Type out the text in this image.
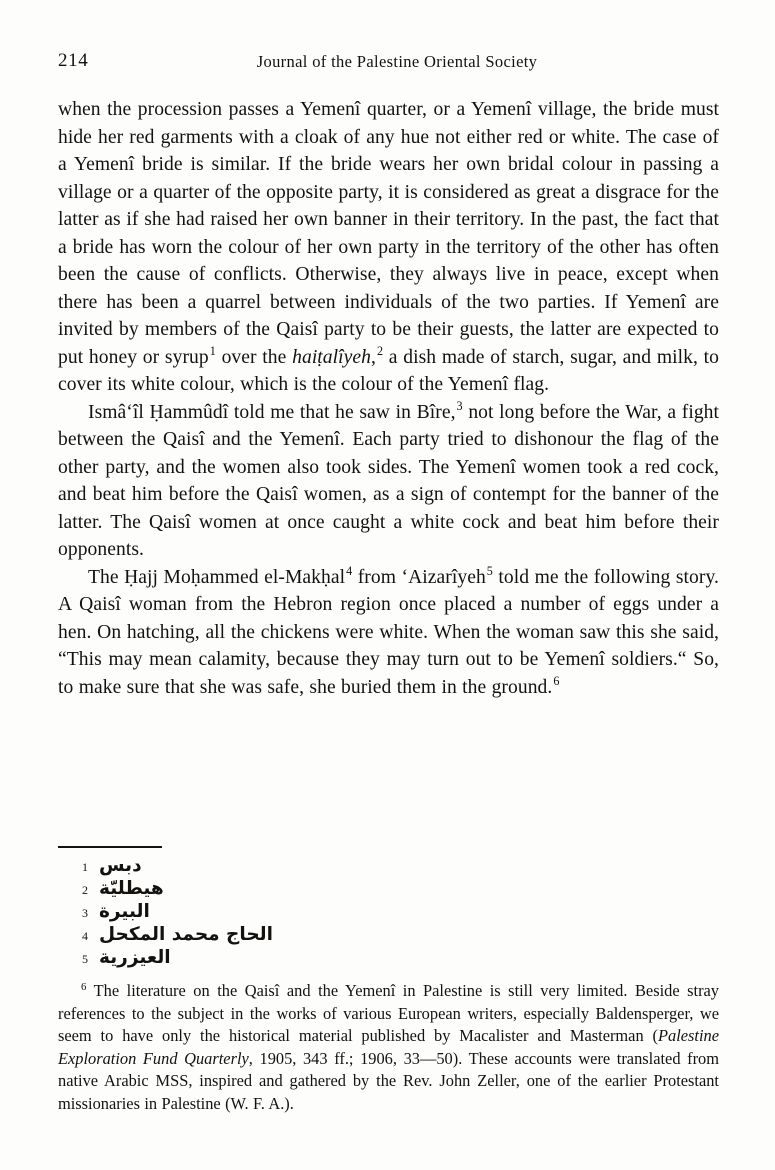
214	Journal of the Palestine Oriental Society

when the procession passes a Yemenî quarter, or a Yemenî village, the bride must hide her red garments with a cloak of any hue not either red or white. The case of a Yemenî bride is similar. If the bride wears her own bridal colour in passing a village or a quarter of the opposite party, it is considered as great a disgrace for the latter as if she had raised her own banner in their territory. In the past, the fact that a bride has worn the colour of her own party in the territory of the other has often been the cause of conflicts. Otherwise, they always live in peace, except when there has been a quarrel between individuals of the two parties. If Yemenî are invited by members of the Qaisî party to be their guests, the latter are expected to put honey or syrup$^1$ over the haiṭalîyeh,$^2$ a dish made of starch, sugar, and milk, to cover its white colour, which is the colour of the Yemenî flag.

Ismâ‘îl Ḥammûdî told me that he saw in Bîre,$^3$ not long before the War, a fight between the Qaisî and the Yemenî. Each party tried to dishonour the flag of the other party, and the women also took sides. The Yemenî women took a red cock, and beat him before the Qaisî women, as a sign of contempt for the banner of the latter. The Qaisî women at once caught a white cock and beat him before their opponents.

The Ḥajj Moḥammed el-Makḥal$^4$ from ‘Aizarîyeh$^5$ told me the following story. A Qaisî woman from the Hebron region once placed a number of eggs under a hen. On hatching, all the chickens were white. When the woman saw this she said, “This may mean calamity, because they may turn out to be Yemenî soldiers.“ So, to make sure that she was safe, she buried them in the ground.$^6$

1 دبس
2 هيطليّة
3 البيرة
4 الحاج محمد المكحل
5 العيزرية

$^6$ The literature on the Qaisî and the Yemenî in Palestine is still very limited. Beside stray references to the subject in the works of various European writers, especially Baldensperger, we seem to have only the historical material published by Macalister and Masterman (Palestine Exploration Fund Quarterly, 1905, 343 ff.; 1906, 33—50). These accounts were translated from native Arabic MSS, inspired and gathered by the Rev. John Zeller, one of the earlier Protestant missionaries in Palestine (W. F. A.).
